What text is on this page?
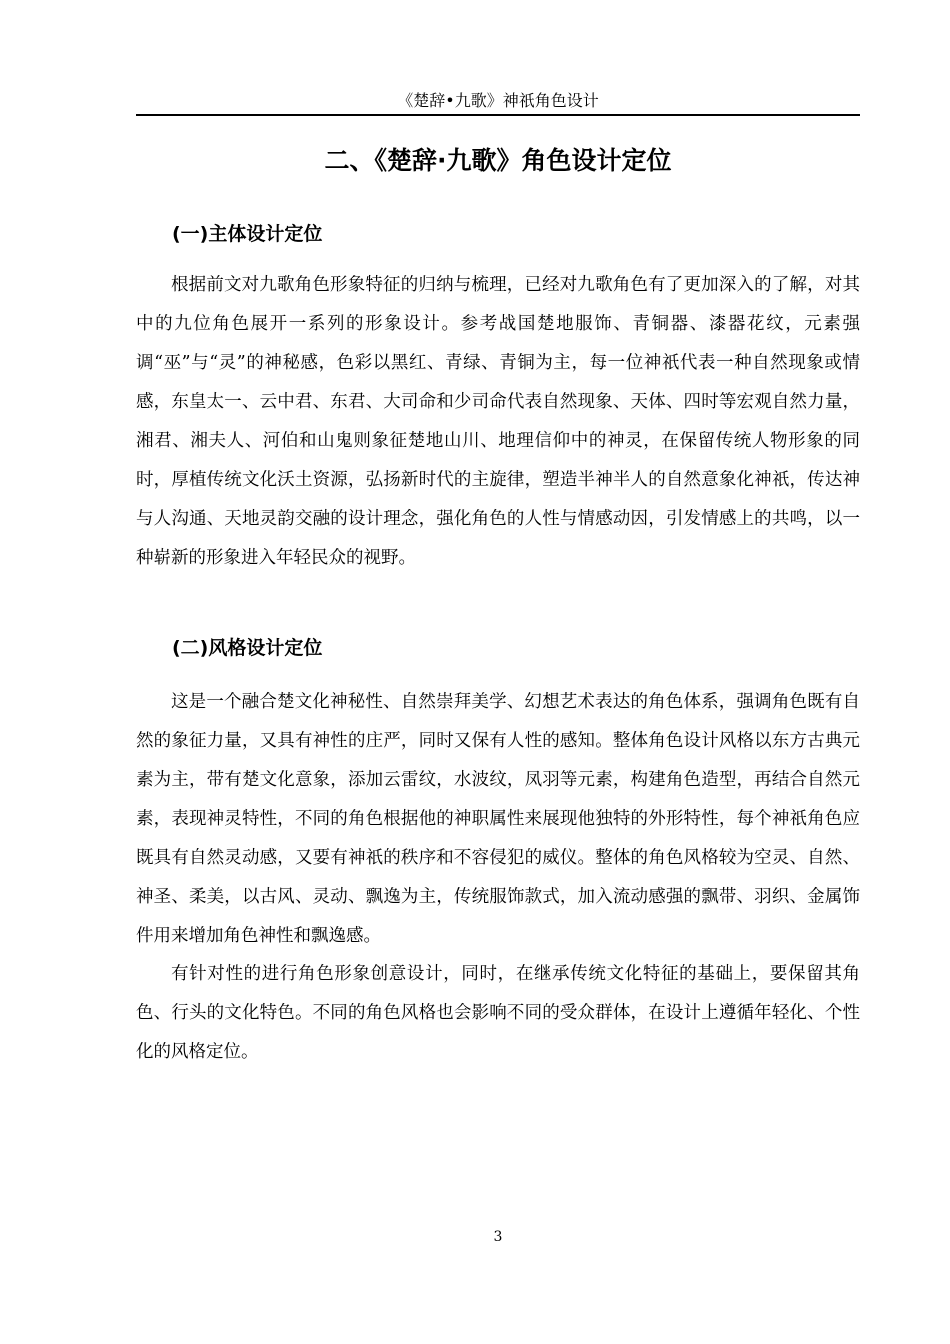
《楚辞•九歌》神祇角色设计
二、《楚辞·九歌》角色设计定位
(一)主体设计定位

根据前文对九歌角色形象特征的归纳与梳理，已经对九歌角色有了更加深入的了解，对其中的九位角色展开一系列的形象设计。参考战国楚地服饰、青铜器、漆器花纹，元素强调“巫”与“灵”的神秘感，色彩以黑红、青绿、青铜为主，每一位神祇代表一种自然现象或情感，东皇太一、云中君、东君、大司命和少司命代表自然现象、天体、四时等宏观自然力量，湘君、湘夫人、河伯和山鬼则象征楚地山川、地理信仰中的神灵，在保留传统人物形象的同时，厚植传统文化沃土资源，弘扬新时代的主旋律，塑造半神半人的自然意象化神祇，传达神与人沟通、天地灵韵交融的设计理念，强化角色的人性与情感动因，引发情感上的共鸣，以一种崭新的形象进入年轻民众的视野。

(二)风格设计定位

这是一个融合楚文化神秘性、自然崇拜美学、幻想艺术表达的角色体系，强调角色既有自然的象征力量，又具有神性的庄严，同时又保有人性的感知。整体角色设计风格以东方古典元素为主，带有楚文化意象，添加云雷纹，水波纹，凤羽等元素，构建角色造型，再结合自然元素，表现神灵特性，不同的角色根据他的神职属性来展现他独特的外形特性，每个神祇角色应既具有自然灵动感，又要有神祇的秩序和不容侵犯的威仪。整体的角色风格较为空灵、自然、神圣、柔美，以古风、灵动、飘逸为主，传统服饰款式，加入流动感强的飘带、羽织、金属饰件用来增加角色神性和飘逸感。

有针对性的进行角色形象创意设计，同时，在继承传统文化特征的基础上，要保留其角色、行头的文化特色。不同的角色风格也会影响不同的受众群体，在设计上遵循年轻化、个性化的风格定位。

3
